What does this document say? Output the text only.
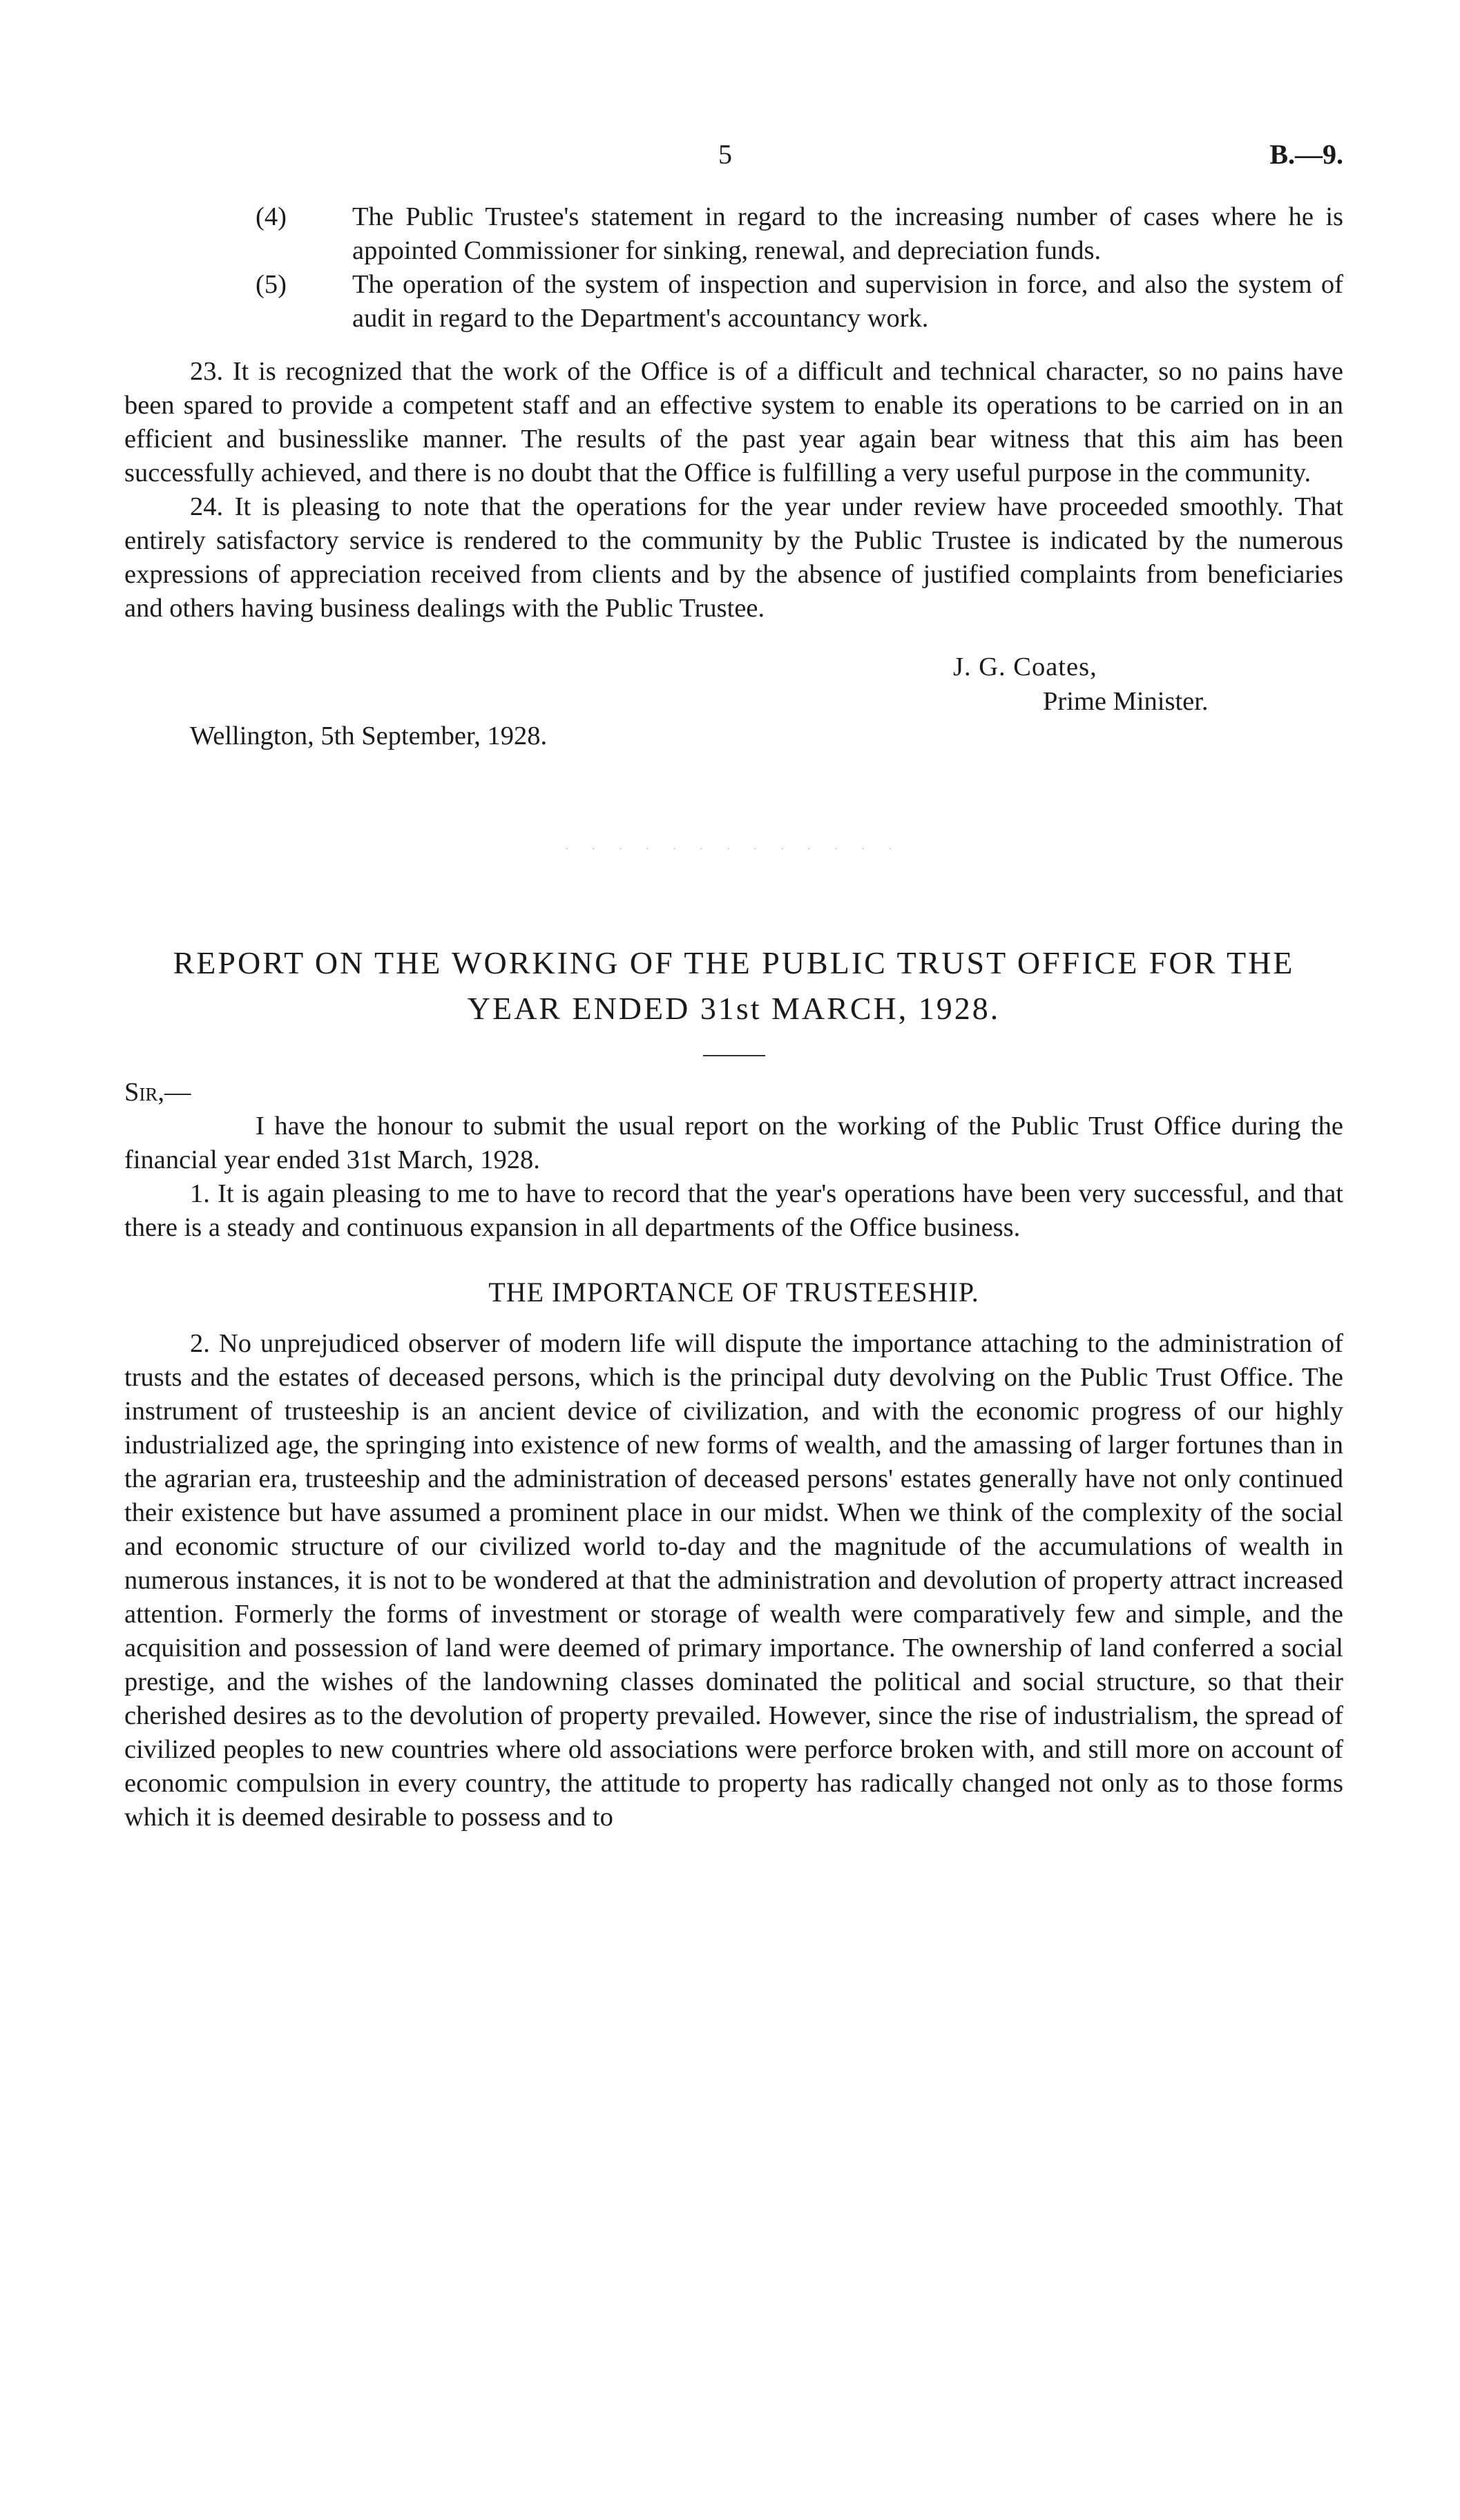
5	B.—9.
(4) The Public Trustee's statement in regard to the increasing number of cases where he is appointed Commissioner for sinking, renewal, and depreciation funds.
(5) The operation of the system of inspection and supervision in force, and also the system of audit in regard to the Department's accountancy work.

23. It is recognized that the work of the Office is of a difficult and technical character, so no pains have been spared to provide a competent staff and an effective system to enable its operations to be carried on in an efficient and businesslike manner. The results of the past year again bear witness that this aim has been successfully achieved, and there is no doubt that the Office is fulfilling a very useful purpose in the community.

24. It is pleasing to note that the operations for the year under review have proceeded smoothly. That entirely satisfactory service is rendered to the community by the Public Trustee is indicated by the numerous expressions of appreciation received from clients and by the absence of justified complaints from beneficiaries and others having business dealings with the Public Trustee.

J. G. Coates,
Prime Minister.
Wellington, 5th September, 1928.
. . . . . . . . . . . . .
REPORT ON THE WORKING OF THE PUBLIC TRUST OFFICE FOR THE
YEAR ENDED 31st MARCH, 1928.
Sir,—

I have the honour to submit the usual report on the working of the Public Trust Office during the financial year ended 31st March, 1928.

1. It is again pleasing to me to have to record that the year's operations have been very successful, and that there is a steady and continuous expansion in all departments of the Office business.

THE IMPORTANCE OF TRUSTEESHIP.

2. No unprejudiced observer of modern life will dispute the importance attaching to the administration of trusts and the estates of deceased persons, which is the principal duty devolving on the Public Trust Office. The instrument of trusteeship is an ancient device of civilization, and with the economic progress of our highly industrialized age, the springing into existence of new forms of wealth, and the amassing of larger fortunes than in the agrarian era, trusteeship and the administration of deceased persons' estates generally have not only continued their existence but have assumed a prominent place in our midst. When we think of the complexity of the social and economic structure of our civilized world to-day and the magnitude of the accumulations of wealth in numerous instances, it is not to be wondered at that the administration and devolution of property attract increased attention. Formerly the forms of investment or storage of wealth were comparatively few and simple, and the acquisition and possession of land were deemed of primary importance. The ownership of land conferred a social prestige, and the wishes of the landowning classes dominated the political and social structure, so that their cherished desires as to the devolution of property prevailed. However, since the rise of industrialism, the spread of civilized peoples to new countries where old associations were perforce broken with, and still more on account of economic compulsion in every country, the attitude to property has radically changed not only as to those forms which it is deemed desirable to possess and to
